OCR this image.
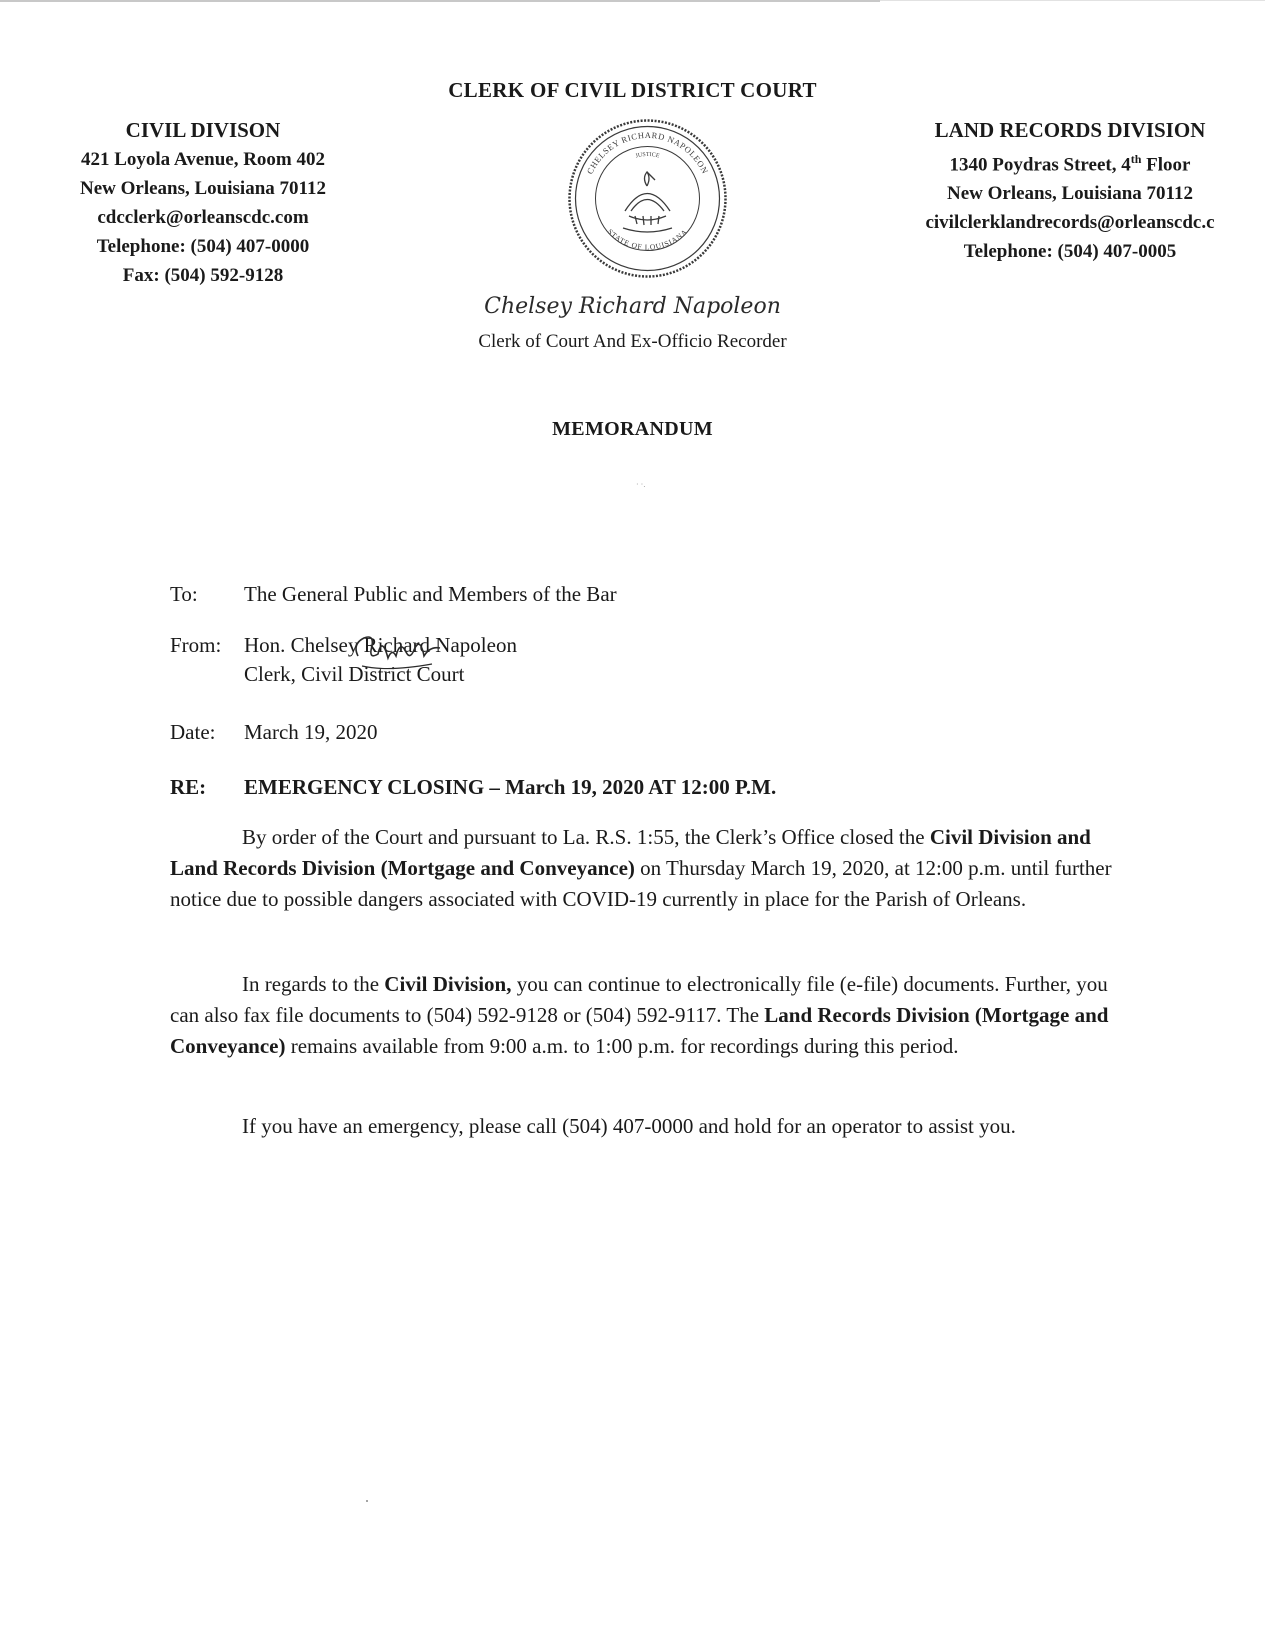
CLERK OF CIVIL DISTRICT COURT
CIVIL DIVISON
421 Loyola Avenue, Room 402
New Orleans, Louisiana 70112
cdcclerk@orleanscdc.com
Telephone: (504) 407-0000
Fax: (504) 592-9128
CHELSEY RICHARD NAPOLEON
STATE OF LOUISIANA
JUSTICE
LAND RECORDS DIVISION
1340 Poydras Street, 4th Floor
New Orleans, Louisiana 70112
civilclerklandrecords@orleanscdc.c
Telephone: (504) 407-0005
Chelsey Richard Napoleon
Clerk of Court And Ex-Officio Recorder
MEMORANDUM
· ·.
To: The General Public and Members of the Bar
From: Hon. Chelsey Richard Napoleon
Clerk, Civil District Court
Date: March 19, 2020
RE: EMERGENCY CLOSING – March 19, 2020 AT 12:00 P.M.

By order of the Court and pursuant to La. R.S. 1:55, the Clerk’s Office closed the Civil Division and Land Records Division (Mortgage and Conveyance) on Thursday March 19, 2020, at 12:00 p.m. until further notice due to possible dangers associated with COVID-19 currently in place for the Parish of Orleans.

In regards to the Civil Division, you can continue to electronically file (e-file) documents. Further, you can also fax file documents to (504) 592-9128 or (504) 592-9117. The Land Records Division (Mortgage and Conveyance) remains available from 9:00 a.m. to 1:00 p.m. for recordings during this period.

If you have an emergency, please call (504) 407-0000 and hold for an operator to assist you.
